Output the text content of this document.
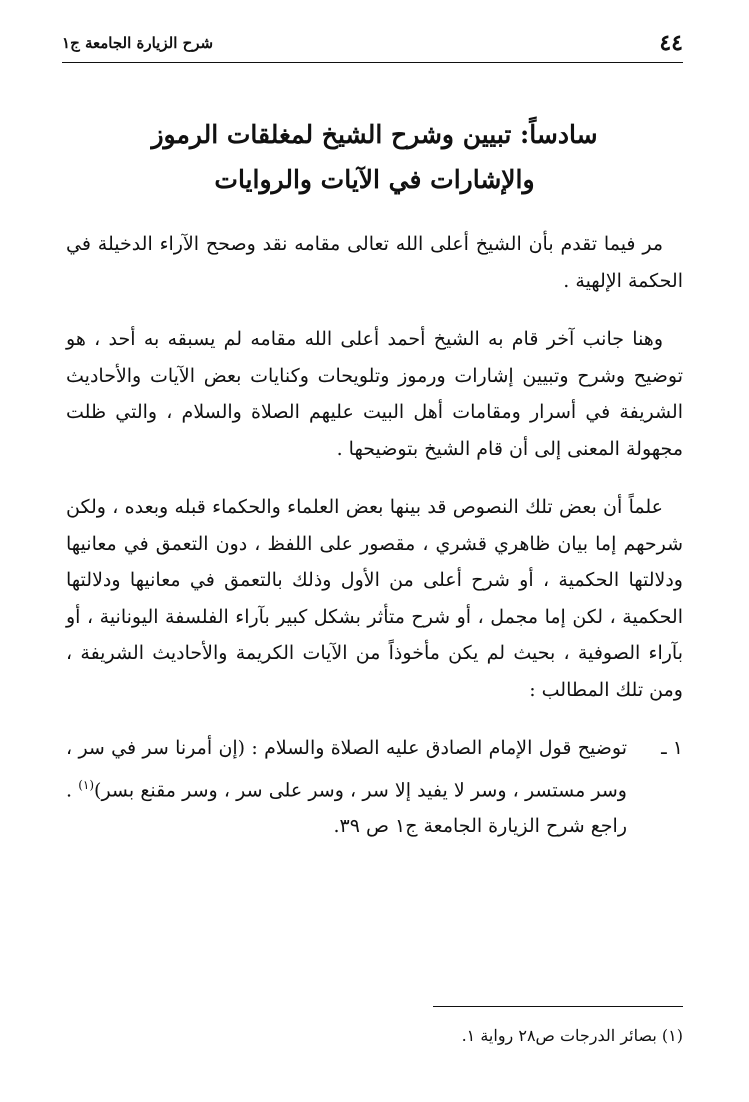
٤٤
شرح الزيارة الجامعة ج١
سادساً: تبيين وشرح الشيخ لمغلقات الرموز
والإشارات في الآيات والروايات

مر فيما تقدم بأن الشيخ أعلى الله تعالى مقامه نقد وصحح الآراء الدخيلة في الحكمة الإلهية .

وهنا جانب آخر قام به الشيخ أحمد أعلى الله مقامه لم يسبقه به أحد ، هو توضيح وشرح وتبيين إشارات ورموز وتلويحات وكنايات بعض الآيات والأحاديث الشريفة في أسرار ومقامات أهل البيت عليهم الصلاة والسلام ، والتي ظلت مجهولة المعنى إلى أن قام الشيخ بتوضيحها .

علماً أن بعض تلك النصوص قد بينها بعض العلماء والحكماء قبله وبعده ، ولكن شرحهم إما بيان ظاهري قشري ، مقصور على اللفظ ، دون التعمق في معانيها ودلالتها الحكمية ، أو شرح أعلى من الأول وذلك بالتعمق في معانيها ودلالتها الحكمية ، لكن إما مجمل ، أو شرح متأثر بشكل كبير بآراء الفلسفة اليونانية ، أو بآراء الصوفية ، بحيث لم يكن مأخوذاً من الآيات الكريمة والأحاديث الشريفة ، ومن تلك المطالب :

١ ـ
توضيح قول الإمام الصادق عليه الصلاة والسلام : (إن أمرنا سر في سر ، وسر مستسر ، وسر لا يفيد إلا سر ، وسر على سر ، وسر مقنع بسر)$^{(١)}$ . راجع شرح الزيارة الجامعة ج١ ص ٣٩.
(١) بصائر الدرجات ص٢٨ رواية ١.
